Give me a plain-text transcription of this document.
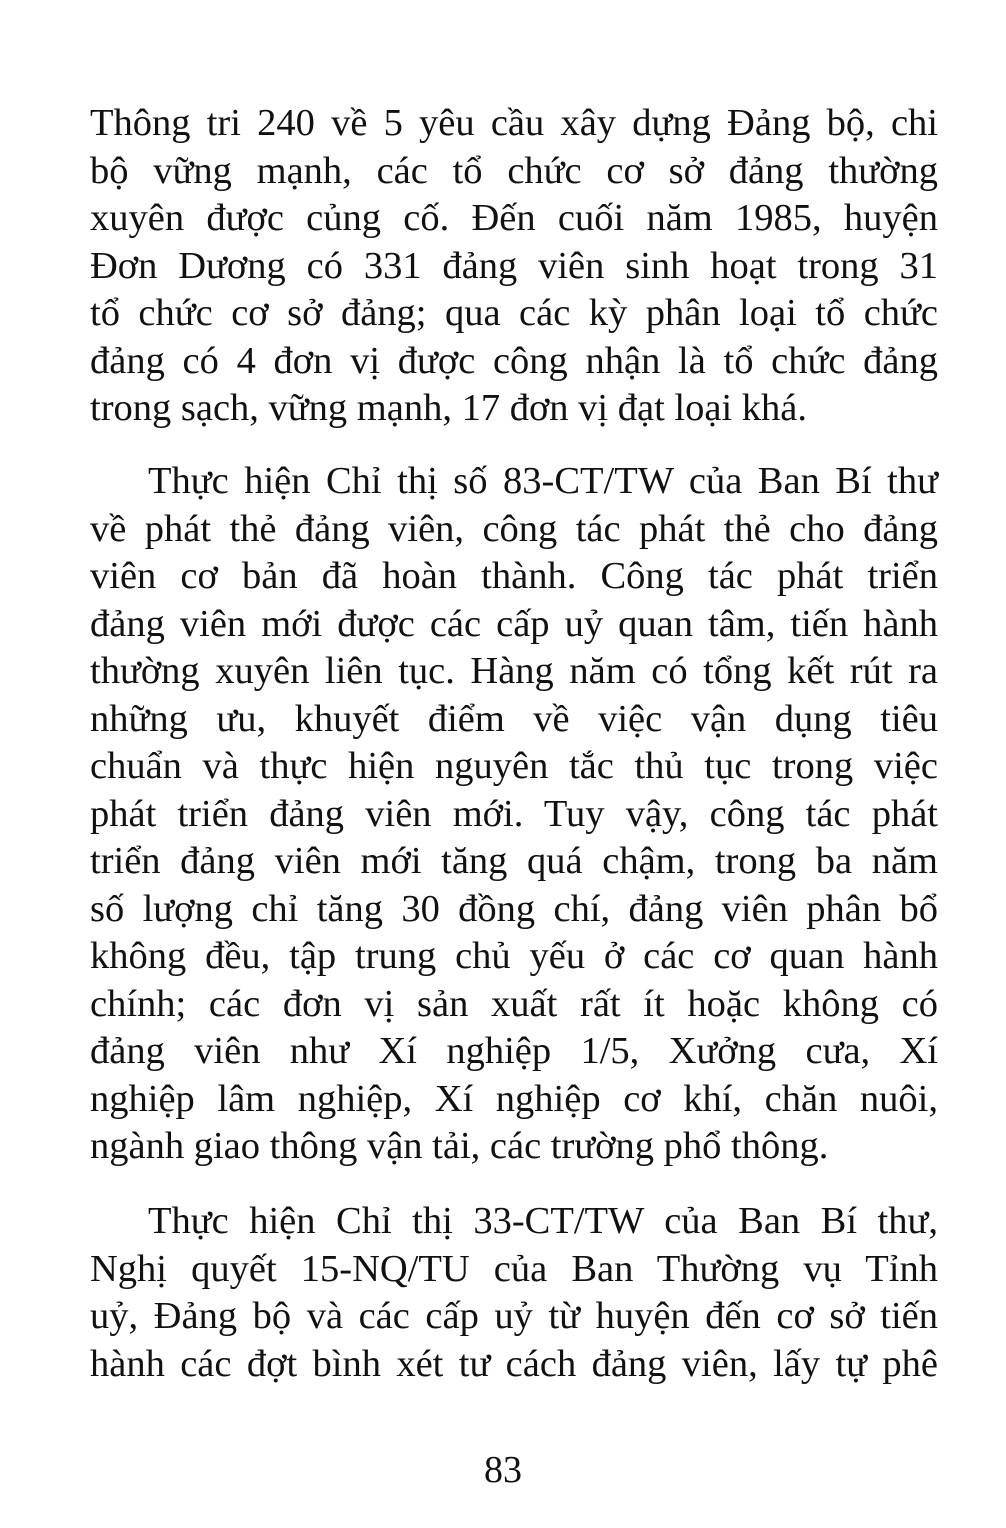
Thông tri 240 về 5 yêu cầu xây dựng Đảng bộ, chi
bộ vững mạnh, các tổ chức cơ sở đảng thường
xuyên được củng cố. Đến cuối năm 1985, huyện
Đơn Dương có 331 đảng viên sinh hoạt trong 31
tổ chức cơ sở đảng; qua các kỳ phân loại tổ chức
đảng có 4 đơn vị được công nhận là tổ chức đảng
trong sạch, vững mạnh, 17 đơn vị đạt loại khá.
Thực hiện Chỉ thị số 83-CT/TW của Ban Bí thư
về phát thẻ đảng viên, công tác phát thẻ cho đảng
viên cơ bản đã hoàn thành. Công tác phát triển
đảng viên mới được các cấp uỷ quan tâm, tiến hành
thường xuyên liên tục. Hàng năm có tổng kết rút ra
những ưu, khuyết điểm về việc vận dụng tiêu
chuẩn và thực hiện nguyên tắc thủ tục trong việc
phát triển đảng viên mới. Tuy vậy, công tác phát
triển đảng viên mới tăng quá chậm, trong ba năm
số lượng chỉ tăng 30 đồng chí, đảng viên phân bổ
không đều, tập trung chủ yếu ở các cơ quan hành
chính; các đơn vị sản xuất rất ít hoặc không có
đảng viên như Xí nghiệp 1/5, Xưởng cưa, Xí
nghiệp lâm nghiệp, Xí nghiệp cơ khí, chăn nuôi,
ngành giao thông vận tải, các trường phổ thông.
Thực hiện Chỉ thị 33-CT/TW của Ban Bí thư,
Nghị quyết 15-NQ/TU của Ban Thường vụ Tỉnh
uỷ, Đảng bộ và các cấp uỷ từ huyện đến cơ sở tiến
hành các đợt bình xét tư cách đảng viên, lấy tự phê
83
